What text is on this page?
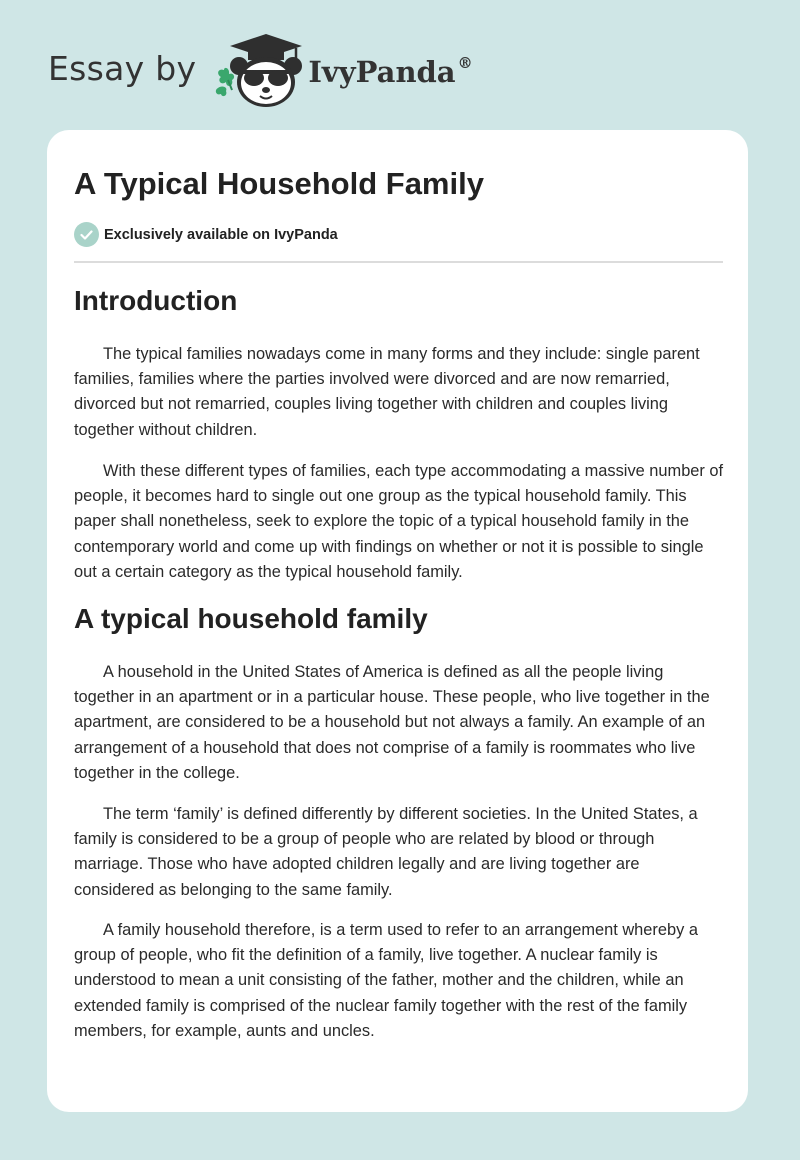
Essay by	IvyPanda ®
A Typical Household Family
Exclusively available on IvyPanda
Introduction

The typical families nowadays come in many forms and they include: single parent families, families where the parties involved were divorced and are now remarried, divorced but not remarried, couples living together with children and couples living together without children.

With these different types of families, each type accommodating a massive number of people, it becomes hard to single out one group as the typical household family. This paper shall nonetheless, seek to explore the topic of a typical household family in the contemporary world and come up with findings on whether or not it is possible to single out a certain category as the typical household family.

A typical household family

A household in the United States of America is defined as all the people living together in an apartment or in a particular house. These people, who live together in the apartment, are considered to be a household but not always a family. An example of an arrangement of a household that does not comprise of a family is roommates who live together in the college.

The term ‘family’ is defined differently by different societies. In the United States, a family is considered to be a group of people who are related by blood or through marriage. Those who have adopted children legally and are living together are considered as belonging to the same family.

A family household therefore, is a term used to refer to an arrangement whereby a group of people, who fit the definition of a family, live together. A nuclear family is understood to mean a unit consisting of the father, mother and the children, while an extended family is comprised of the nuclear family together with the rest of the family members, for example, aunts and uncles.
